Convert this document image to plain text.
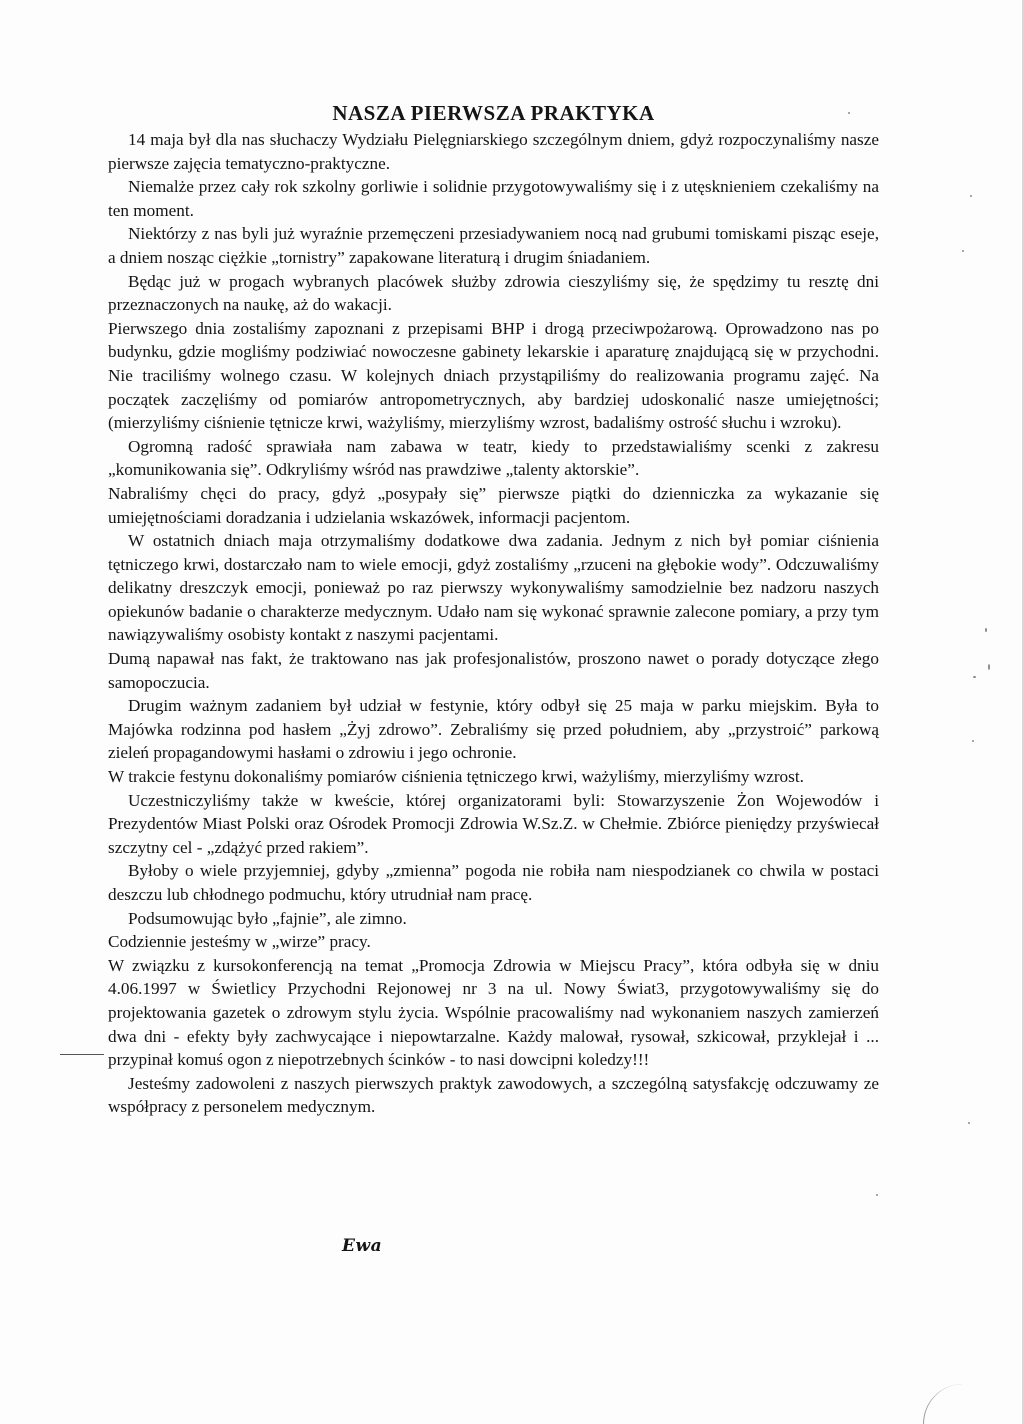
NASZA PIERWSZA PRAKTYKA

14 maja był dla nas słuchaczy Wydziału Pielęgniarskiego szczególnym dniem, gdyż rozpoczynaliśmy nasze pierwsze zajęcia tematyczno-praktyczne.

Niemalże przez cały rok szkolny gorliwie i solidnie przygotowywaliśmy się i z utęsknieniem czekaliśmy na ten moment.

Niektórzy z nas byli już wyraźnie przemęczeni przesiadywaniem nocą nad grubumi tomiskami pisząc eseje, a dniem nosząc ciężkie „tornistry” zapakowane literaturą i drugim śniadaniem.

Będąc już w progach wybranych placówek służby zdrowia cieszyliśmy się, że spędzimy tu resztę dni przeznaczonych na naukę, aż do wakacji.

Pierwszego dnia zostaliśmy zapoznani z przepisami BHP i drogą przeciwpożarową. Oprowadzono nas po budynku, gdzie mogliśmy podziwiać nowoczesne gabinety lekarskie i aparaturę znajdującą się w przychodni. Nie traciliśmy wolnego czasu. W kolejnych dniach przystąpiliśmy do realizowania programu zajęć. Na początek zaczęliśmy od pomiarów antropometrycznych, aby bardziej udoskonalić nasze umiejętności; (mierzyliśmy ciśnienie tętnicze krwi, ważyliśmy, mierzyliśmy wzrost, badaliśmy ostrość słuchu i wzroku).

Ogromną radość sprawiała nam zabawa w teatr, kiedy to przedstawialiśmy scenki z zakresu „komunikowania się”. Odkryliśmy wśród nas prawdziwe „talenty aktorskie”.

Nabraliśmy chęci do pracy, gdyż „posypały się” pierwsze piątki do dzienniczka za wykazanie się umiejętnościami doradzania i udzielania wskazówek, informacji pacjentom.

W ostatnich dniach maja otrzymaliśmy dodatkowe dwa zadania. Jednym z nich był pomiar ciśnienia tętniczego krwi, dostarczało nam to wiele emocji, gdyż zostaliśmy „rzuceni na głębokie wody”. Odczuwaliśmy delikatny dreszczyk emocji, ponieważ po raz pierwszy wykonywaliśmy samodzielnie bez nadzoru naszych opiekunów badanie o charakterze medycznym. Udało nam się wykonać sprawnie zalecone pomiary, a przy tym nawiązywaliśmy osobisty kontakt z naszymi pacjentami.

Dumą napawał nas fakt, że traktowano nas jak profesjonalistów, proszono nawet o porady dotyczące złego samopoczucia.

Drugim ważnym zadaniem był udział w festynie, który odbył się 25 maja w parku miejskim. Była to Majówka rodzinna pod hasłem „Żyj zdrowo”. Zebraliśmy się przed południem, aby „przystroić” parkową zieleń propagandowymi hasłami o zdrowiu i jego ochronie.

W trakcie festynu dokonaliśmy pomiarów ciśnienia tętniczego krwi, ważyliśmy, mierzyliśmy wzrost.

Uczestniczyliśmy także w kweście, której organizatorami byli: Stowarzyszenie Żon Wojewodów i Prezydentów Miast Polski oraz Ośrodek Promocji Zdrowia W.Sz.Z. w Chełmie. Zbiórce pieniędzy przyświecał szczytny cel - „zdążyć przed rakiem”.

Byłoby o wiele przyjemniej, gdyby „zmienna” pogoda nie robiła nam niespodzianek co chwila w postaci deszczu lub chłodnego podmuchu, który utrudniał nam pracę.

Podsumowując było „fajnie”, ale zimno.

Codziennie jesteśmy w „wirze” pracy.

W związku z kursokonferencją na temat „Promocja Zdrowia w Miejscu Pracy”, która odbyła się w dniu 4.06.1997 w Świetlicy Przychodni Rejonowej nr 3 na ul. Nowy Świat3, przygotowywaliśmy się do projektowania gazetek o zdrowym stylu życia. Wspólnie pracowaliśmy nad wykonaniem naszych zamierzeń dwa dni - efekty były zachwycające i niepowtarzalne. Każdy malował, rysował, szkicował, przyklejał i ... przypinał komuś ogon z niepotrzebnych ścinków - to nasi dowcipni koledzy!!!

Jesteśmy zadowoleni z naszych pierwszych praktyk zawodowych, a szczególną satysfakcję odczuwamy ze współpracy z personelem medycznym.

Ewa
